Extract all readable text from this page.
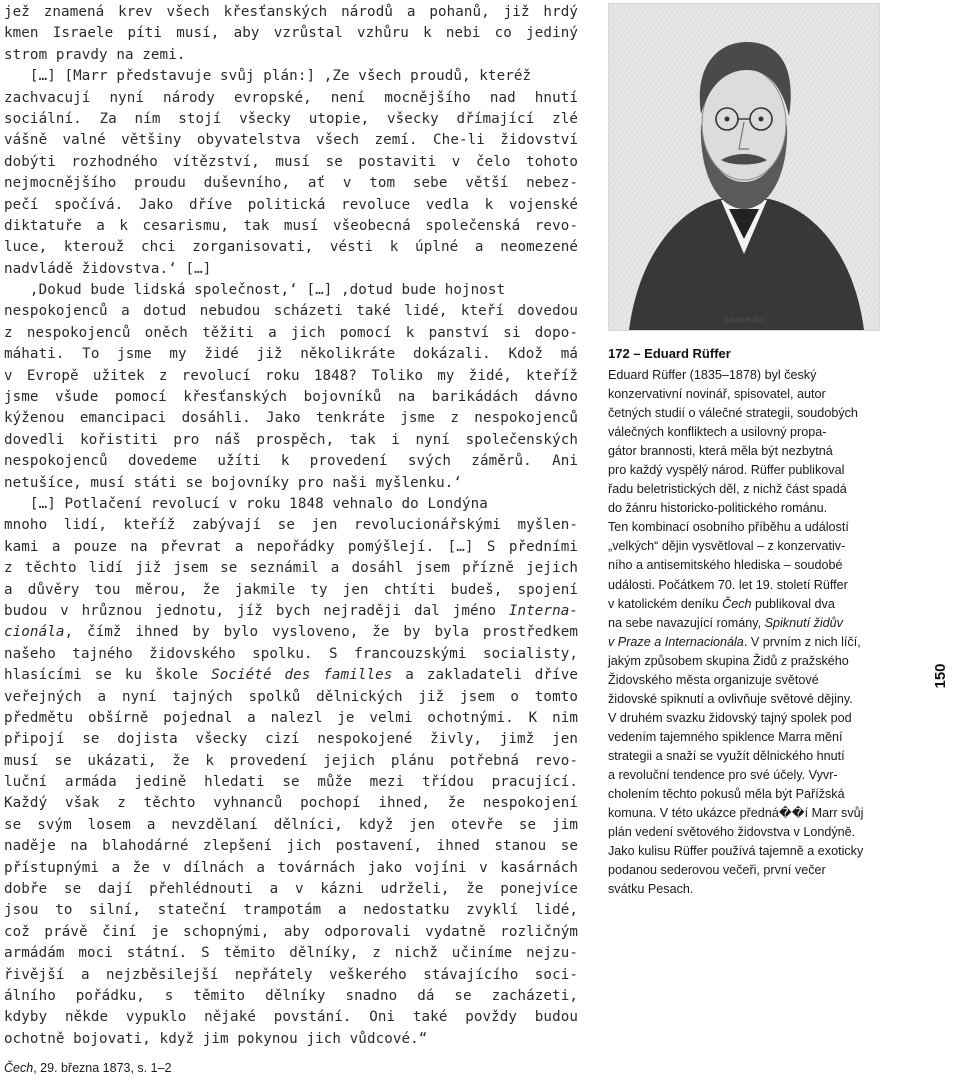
jež znamená krev všech křesťanských národů a pohanů, již hrdý
kmen Israele píti musí, aby vzrůstal vzhůru k nebi co jediný
strom pravdy na zemi.
[…] [Marr představuje svůj plán:] ,Ze všech proudů, kteréž
zachvacují nyní národy evropské, není mocnějšího nad hnutí
sociální. Za ním stojí všecky utopie, všecky dřímající zlé
vášně valné většiny obyvatelstva všech zemí. Che-li židovství
dobýti rozhodného vítězství, musí se postaviti v čelo tohoto
nejmocnějšího proudu duševního, ať v tom sebe větší nebez-
pečí spočívá. Jako dříve politická revoluce vedla k vojenské
diktatuře a k cesarismu, tak musí všeobecná společenská revo-
luce, kterouž chci zorganisovati, vésti k úplné a neomezené
nadvládě židovstva.‘ […]
,Dokud bude lidská společnost,‘ […] ,dotud bude hojnost
nespokojenců a dotud nebudou scházeti také lidé, kteří dovedou
z nespokojenců oněch těžiti a jich pomocí k panství si dopo-
máhati. To jsme my židé již několikráte dokázali. Kdož má
v Evropě užitek z revolucí roku 1848? Toliko my židé, kteříž
jsme všude pomocí křesťanských bojovníků na barikádách dávno
kýženou emancipaci dosáhli. Jako tenkráte jsme z nespokojenců
dovedli kořistiti pro náš prospěch, tak i nyní společenských
nespokojenců dovedeme užíti k provedení svých záměrů. Ani
netušíce, musí státi se bojovníky pro naši myšlenku.‘
[…] Potlačení revolucí v roku 1848 vehnalo do Londýna
mnoho lidí, kteříž zabývají se jen revolucionářskými myšlen-
kami a pouze na převrat a nepořádky pomýšlejí. […] S předními
z těchto lidí již jsem se seznámil a dosáhl jsem přízně jejich
a důvěry tou měrou, že jakmile ty jen chtíti budeš, spojení
budou v hrůznou jednotu, jíž bych nejraději dal jméno Interna-
cionála, čímž ihned by bylo vysloveno, že by byla prostředkem
našeho tajného židovského spolku. S francouzskými socialisty,
hlasícími se ku škole Société des familles a zakladateli dříve
veřejných a nyní tajných spolků dělnických již jsem o tomto
předmětu obšírně pojednal a nalezl je velmi ochotnými. K nim
připojí se dojista všecky cizí nespokojené živly, jimž jen
musí se ukázati, že k provedení jejich plánu potřebná revo-
luční armáda jedině hledati se může mezi třídou pracující.
Každý však z těchto vyhnanců pochopí ihned, že nespokojení
se svým losem a nevzdělaní dělníci, když jen otevře se jim
naděje na blahodárné zlepšení jich postavení, ihned stanou se
přístupnými a že v dílnách a továrnách jako vojíni v kasárnách
dobře se dají přehlédnouti a v kázni udrželi, že ponejvíce
jsou to silní, stateční trampotám a nedostatku zvyklí lidé,
což právě činí je schopnými, aby odporovali vydatně rozličným
armádám moci státní. S těmito dělníky, z nichž učiníme nejzu-
řivější a nejzběsilejší nepřátely veškerého stávajícího soci-
álního pořádku, s těmito dělníky snadno dá se zacházeti,
kdyby někde vypuklo nějaké povstání. Oni také povždy budou
ochotně bojovati, když jim pokynou jich vůdcové.“
Čech, 29. března 1873, s. 1–2
Eduard Rüffer
172 – Eduard Rüffer
Eduard Rüffer (1835–1878) byl český
konzervativní novinář, spisovatel, autor
četných studií o válečné strategii, soudobých
válečných konfliktech a usilovný propa-
gátor brannosti, která měla být nezbytná
pro každý vyspělý národ. Rüffer publikoval
řadu beletristických děl, z nichž část spadá
do žánru historicko-politického románu.
Ten kombinací osobního příběhu a událostí
„velkých“ dějin vysvětloval – z konzervativ-
ního a antisemitského hlediska – soudobé
události. Počátkem 70. let 19. století Rüffer
v katolickém deníku Čech publikoval dva
na sebe navazující romány, Spiknutí židův
v Praze a Internacionála. V prvním z nich líčí,
jakým způsobem skupina Židů z pražského
Židovského města organizuje světové
židovské spiknutí a ovlivňuje světové dějiny.
V druhém svazku židovský tajný spolek pod
vedením tajemného spiklence Marra mění
strategii a snaží se využít dělnického hnutí
a revoluční tendence pro své účely. Vyvr-
cholením těchto pokusů měla být Pařížská
komuna. V této ukázce předná��í Marr svůj
plán vedení světového židovstva v Londýně.
Jako kulisu Rüffer používá tajemně a exoticky
podanou sederovou večeři, první večer
svátku Pesach.
150
